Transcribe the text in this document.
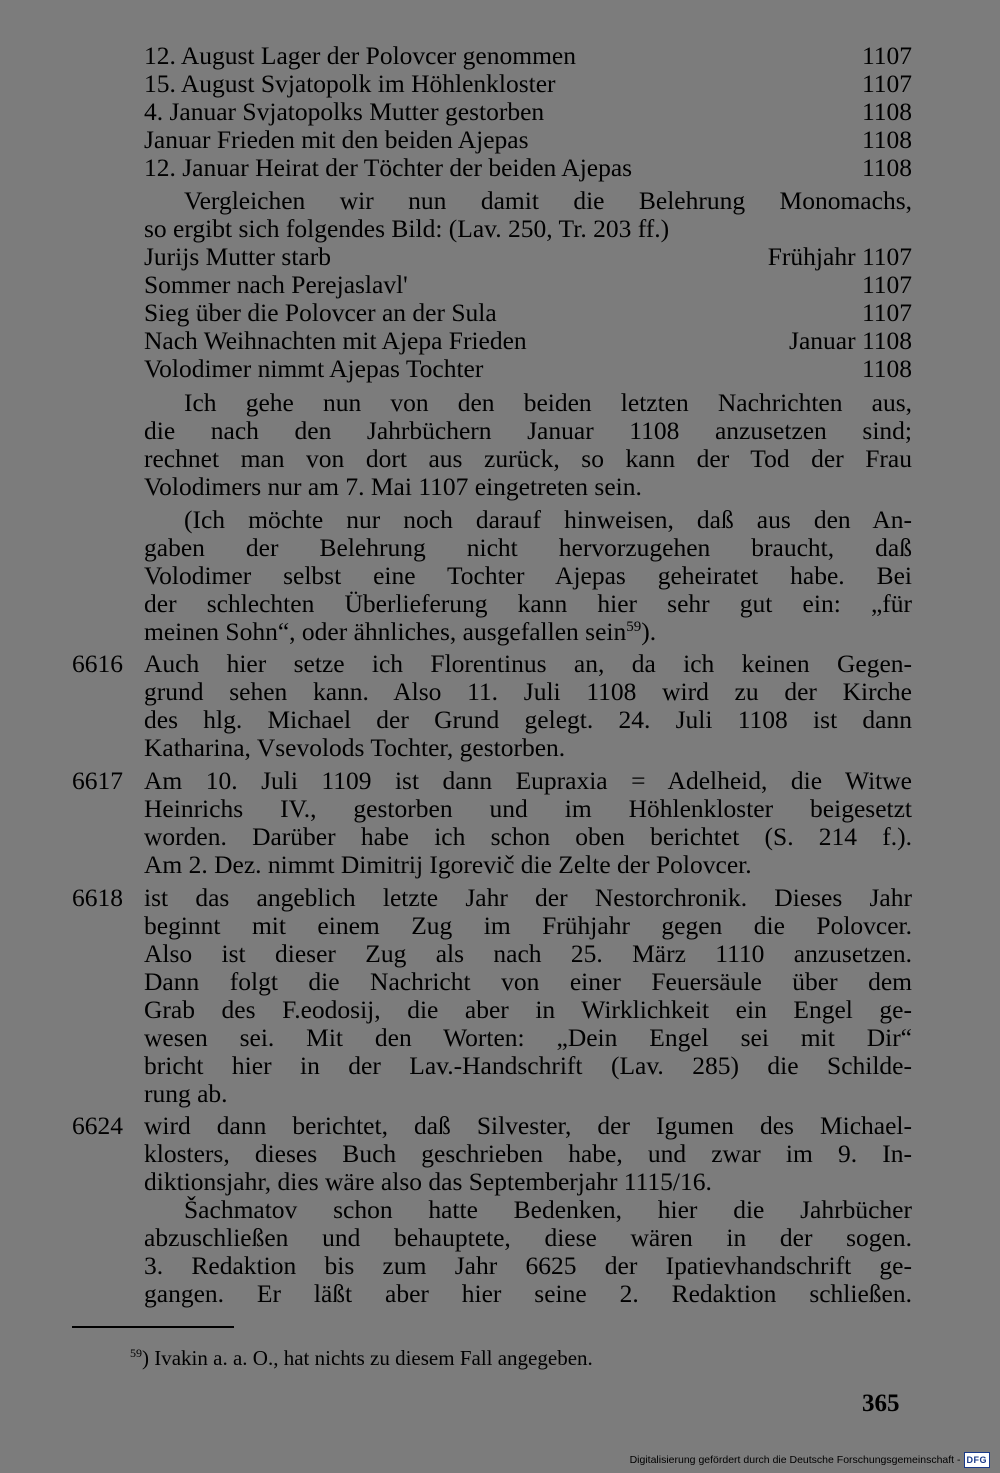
12. August Lager der Polovcer genommen	1107
15. August Svjatopolk im Höhlenkloster	1107
4. Januar Svjatopolks Mutter gestorben	1108
Januar Frieden mit den beiden Ajepas	1108
12. Januar Heirat der Töchter der beiden Ajepas	1108
Vergleichen wir nun damit die Belehrung Monomachs,
so ergibt sich folgendes Bild: (Lav. 250, Tr. 203 ff.)
Jurijs Mutter starb	Frühjahr 1107
Sommer nach Perejaslavl'	1107
Sieg über die Polovcer an der Sula	1107
Nach Weihnachten mit Ajepa Frieden	Januar 1108
Volodimer nimmt Ajepas Tochter	1108
Ich gehe nun von den beiden letzten Nachrichten aus,
die nach den Jahrbüchern Januar 1108 anzusetzen sind;
rechnet man von dort aus zurück, so kann der Tod der Frau
Volodimers nur am 7. Mai 1107 eingetreten sein.
(Ich möchte nur noch darauf hinweisen, daß aus den An-
gaben der Belehrung nicht hervorzugehen braucht, daß
Volodimer selbst eine Tochter Ajepas geheiratet habe. Bei
der schlechten Überlieferung kann hier sehr gut ein: „für
meinen Sohn“, oder ähnliches, ausgefallen sein$^{59}$).
6616 Auch hier setze ich Florentinus an, da ich keinen Gegen-
grund sehen kann. Also 11. Juli 1108 wird zu der Kirche
des hlg. Michael der Grund gelegt. 24. Juli 1108 ist dann
Katharina, Vsevolods Tochter, gestorben.
6617 Am 10. Juli 1109 ist dann Eupraxia = Adelheid, die Witwe
Heinrichs IV., gestorben und im Höhlenkloster beigesetzt
worden. Darüber habe ich schon oben berichtet (S. 214 f.).
Am 2. Dez. nimmt Dimitrij Igorevič die Zelte der Polovcer.
6618 ist das angeblich letzte Jahr der Nestorchronik. Dieses Jahr
beginnt mit einem Zug im Frühjahr gegen die Polovcer.
Also ist dieser Zug als nach 25. März 1110 anzusetzen.
Dann folgt die Nachricht von einer Feuersäule über dem
Grab des F.eodosij, die aber in Wirklichkeit ein Engel ge-
wesen sei. Mit den Worten: „Dein Engel sei mit Dir“
bricht hier in der Lav.-Handschrift (Lav. 285) die Schilde-
rung ab.
6624 wird dann berichtet, daß Silvester, der Igumen des Michael-
klosters, dieses Buch geschrieben habe, und zwar im 9. In-
diktionsjahr, dies wäre also das Septemberjahr 1115/16.
Šachmatov schon hatte Bedenken, hier die Jahrbücher
abzuschließen und behauptete, diese wären in der sogen.
3. Redaktion bis zum Jahr 6625 der Ipatievhandschrift ge-
gangen. Er läßt aber hier seine 2. Redaktion schließen.
$^{59}$) Ivakin a. a. O., hat nichts zu diesem Fall angegeben.
365
Digitalisierung gefördert durch die Deutsche Forschungsgemeinschaft - DFG
